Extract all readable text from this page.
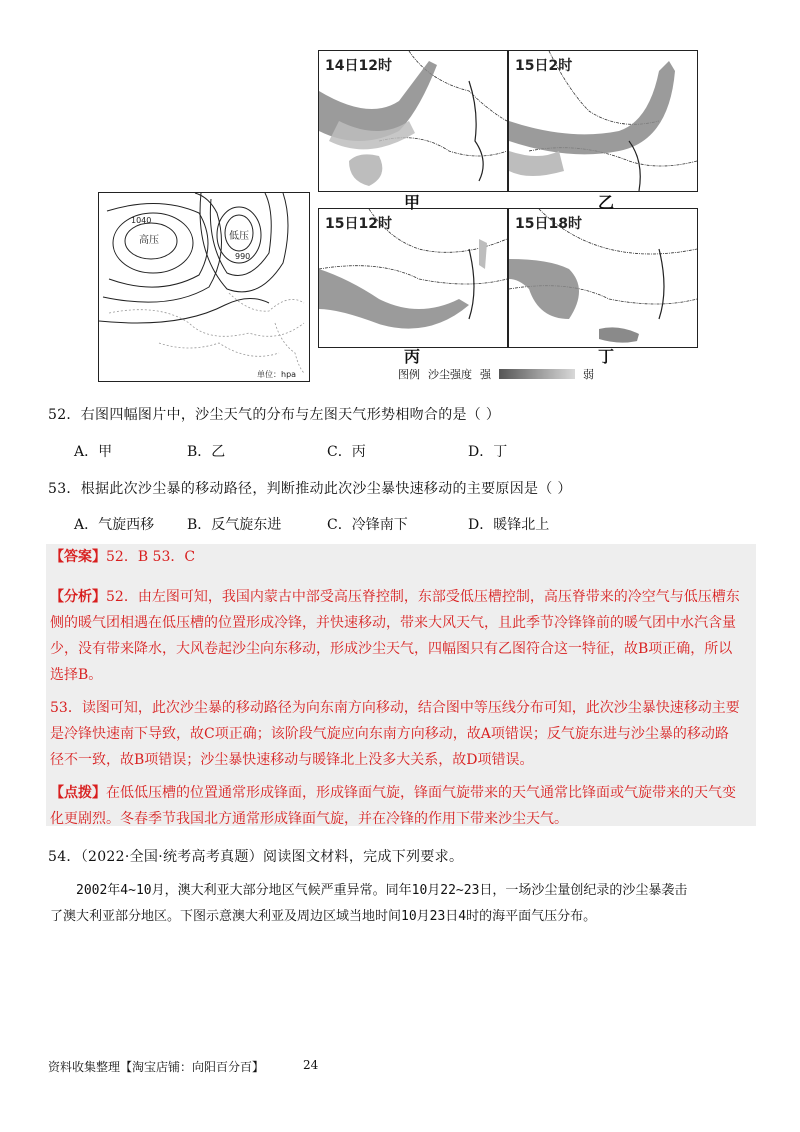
1040
高压	低压
990
单位：hpa
14日12时	15日2时
15日12时	15日18时
甲	乙
丙	丁
图例 沙尘强度 强	弱
52．右图四幅图片中，沙尘天气的分布与左图天气形势相吻合的是（ ）
A．甲	B．乙	C．丙	D．丁
53．根据此次沙尘暴的移动路径，判断推动此次沙尘暴快速移动的主要原因是（ ）
A．气旋西移 B．反气旋东进	C．冷锋南下	D．暖锋北上
【答案】52．B 53．C
【分析】52．由左图可知，我国内蒙古中部受高压脊控制，东部受低压槽控制，高压脊带来的冷空气与低压槽东
侧的暖气团相遇在低压槽的位置形成冷锋，并快速移动，带来大风天气，且此季节冷锋锋前的暖气团中水汽含量
少，没有带来降水，大风卷起沙尘向东移动，形成沙尘天气，四幅图只有乙图符合这一特征，故B项正确，所以
选择B。
53．读图可知，此次沙尘暴的移动路径为向东南方向移动，结合图中等压线分布可知，此次沙尘暴快速移动主要
是冷锋快速南下导致，故C项正确；该阶段气旋应向东南方向移动，故A项错误；反气旋东进与沙尘暴的移动路
径不一致，故B项错误；沙尘暴快速移动与暖锋北上没多大关系，故D项错误。
【点拨】在低低压槽的位置通常形成锋面，形成锋面气旋，锋面气旋带来的天气通常比锋面或气旋带来的天气变
化更剧烈。冬春季节我国北方通常形成锋面气旋，并在冷锋的作用下带来沙尘天气。
54．（2022·全国·统考高考真题）阅读图文材料，完成下列要求。
2002年4~10月，澳大利亚大部分地区气候严重异常。同年10月22~23日，一场沙尘量创纪录的沙尘暴袭击
了澳大利亚部分地区。下图示意澳大利亚及周边区域当地时间10月23日4时的海平面气压分布。
资料收集整理【淘宝店铺：向阳百分百】	24
